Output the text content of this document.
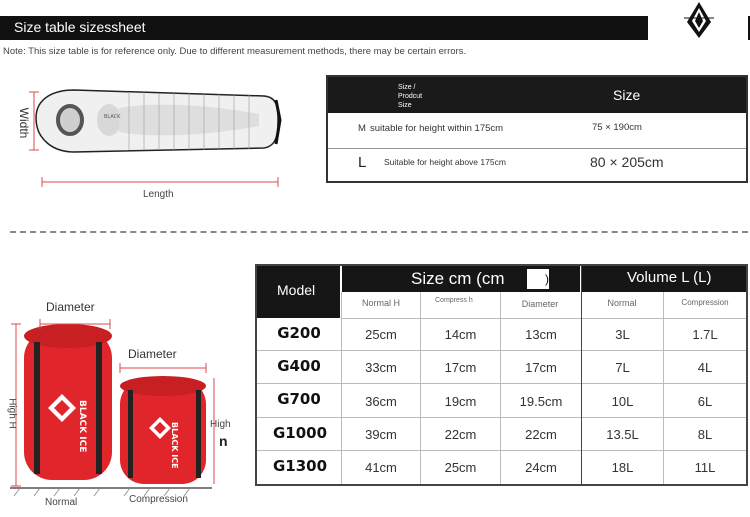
Size table sizessheet
Note: This size table is for reference only. Due to different measurement methods, there may be certain errors.
BLACK
Width
Length
Size /
Prodcut
Size
Size
M suitable for height within 175cm	75 × 190cm
L Suitable for height above 175cm	80 × 205cm
BLACK ICE	BLACK ICE
Diameter
Diameter
High H	High
n
Normal	Compression
Model
Size cm (cm	)	Volume L (L)
Normal H	Compress h	Diameter	Normal	Compression
G200	25cm	14cm	13cm	3L	1.7L
G400	33cm	17cm	17cm	7L	4L
G700	36cm	19cm	19.5cm	10L	6L
G1000	39cm	22cm	22cm	13.5L	8L
G1300	41cm	25cm	24cm	18L	11L
